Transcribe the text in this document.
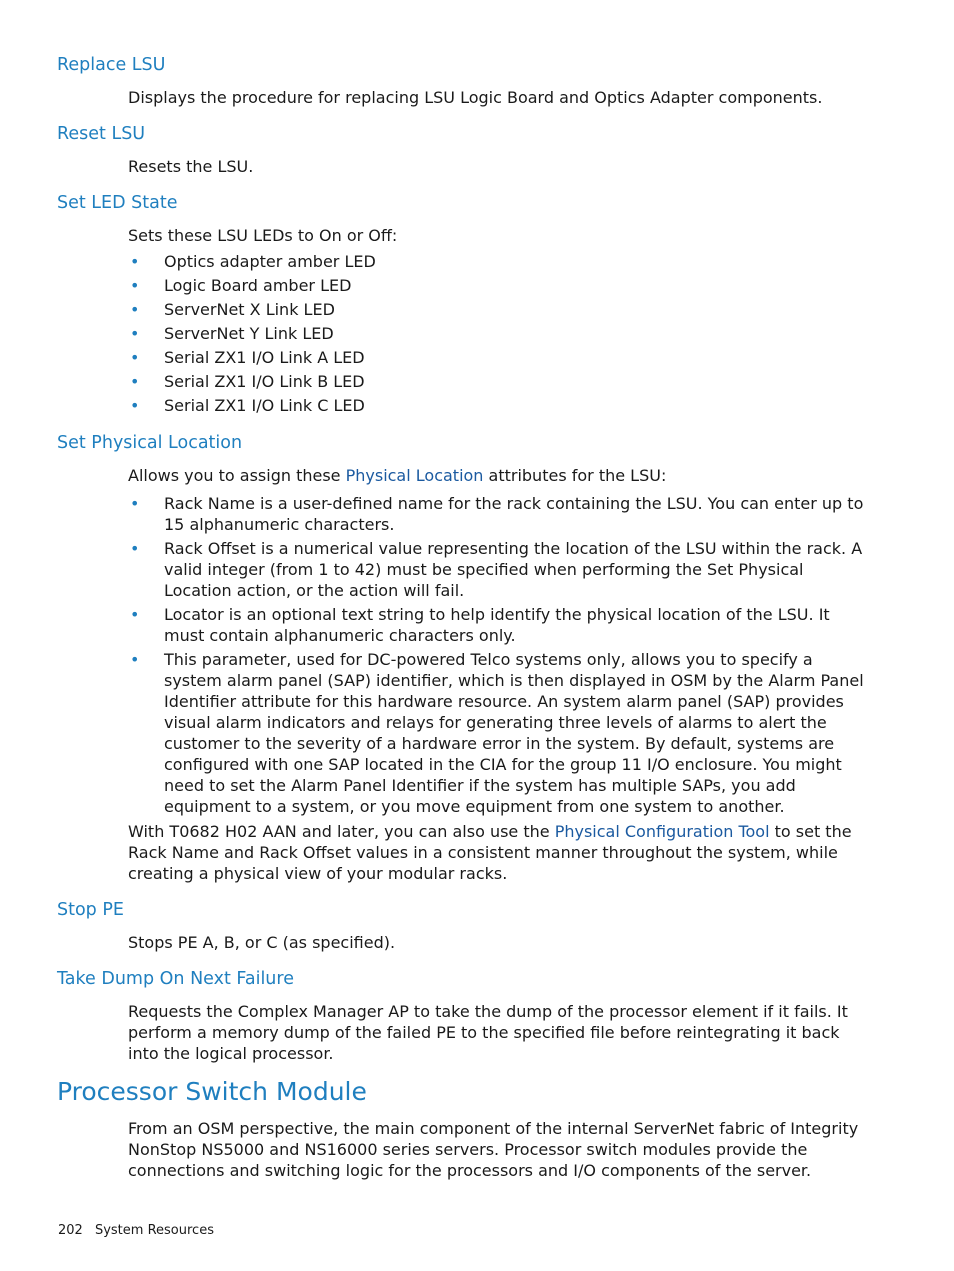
Replace LSU

Displays the procedure for replacing LSU Logic Board and Optics Adapter components.

Reset LSU

Resets the LSU.

Set LED State

Sets these LSU LEDs to On or Off:

• Optics adapter amber LED
• Logic Board amber LED
• ServerNet X Link LED
• ServerNet Y Link LED
• Serial ZX1 I/O Link A LED
• Serial ZX1 I/O Link B LED
• Serial ZX1 I/O Link C LED
Set Physical Location

Allows you to assign these Physical Location attributes for the LSU:

• Rack Name is a user-defined name for the rack containing the LSU. You can enter up to 15 alphanumeric characters.
• Rack Offset is a numerical value representing the location of the LSU within the rack. A valid integer (from 1 to 42) must be specified when performing the Set Physical Location action, or the action will fail.
• Locator is an optional text string to help identify the physical location of the LSU. It must contain alphanumeric characters only.
• This parameter, used for DC-powered Telco systems only, allows you to specify a system alarm panel (SAP) identifier, which is then displayed in OSM by the Alarm Panel Identifier attribute for this hardware resource. An system alarm panel (SAP) provides visual alarm indicators and relays for generating three levels of alarms to alert the customer to the severity of a hardware error in the system. By default, systems are configured with one SAP located in the CIA for the group 11 I/O enclosure. You might need to set the Alarm Panel Identifier if the system has multiple SAPs, you add equipment to a system, or you move equipment from one system to another.

With T0682 H02 AAN and later, you can also use the Physical Configuration Tool to set the Rack Name and Rack Offset values in a consistent manner throughout the system, while creating a physical view of your modular racks.

Stop PE

Stops PE A, B, or C (as specified).

Take Dump On Next Failure

Requests the Complex Manager AP to take the dump of the processor element if it fails. It perform a memory dump of the failed PE to the specified file before reintegrating it back into the logical processor.

Processor Switch Module

From an OSM perspective, the main component of the internal ServerNet fabric of Integrity NonStop NS5000 and NS16000 series servers. Processor switch modules provide the connections and switching logic for the processors and I/O components of the server.

202 System Resources
